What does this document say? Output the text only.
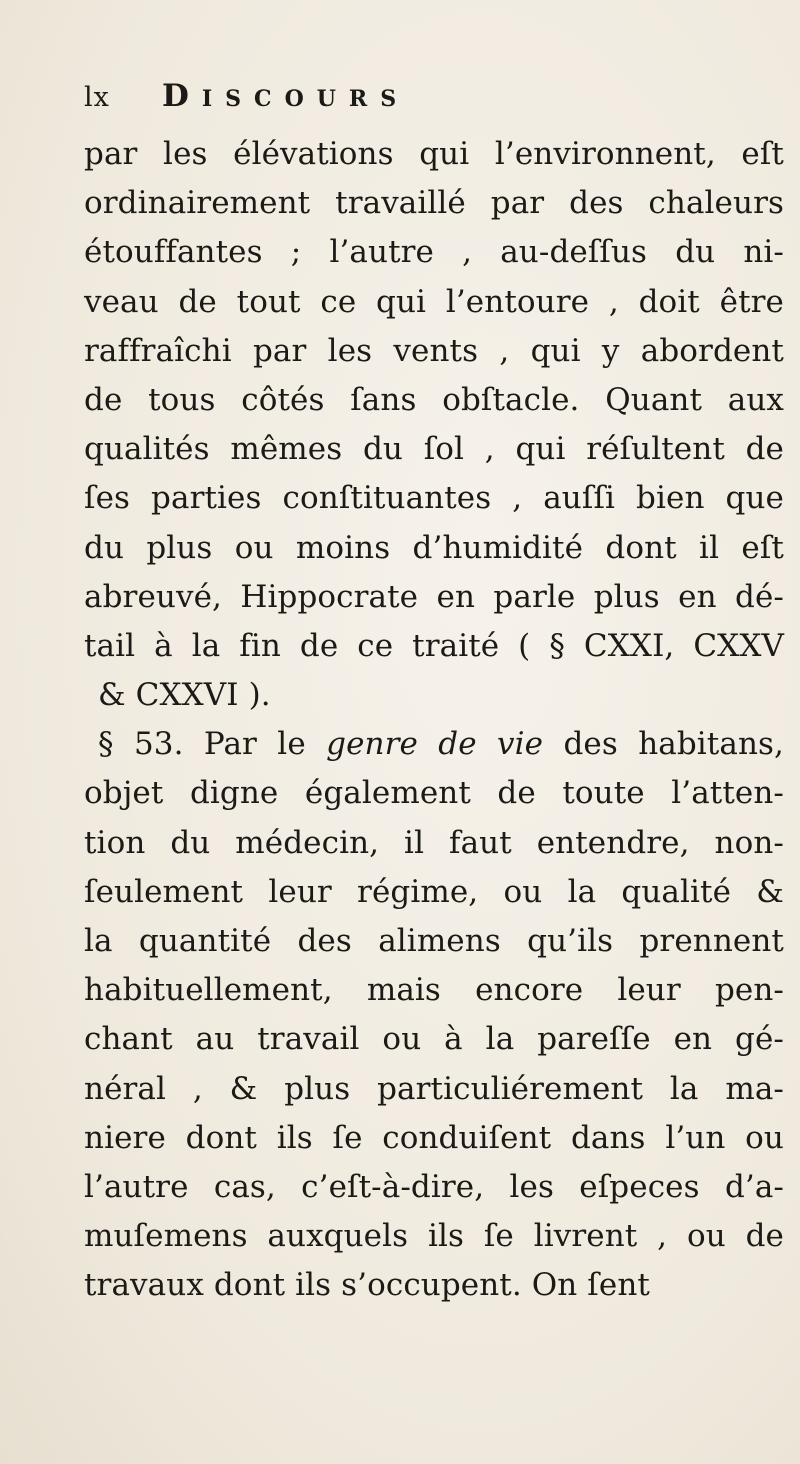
lx	Discours
par les élévations qui l’environnent, eſt
ordinairement travaillé par des chaleurs
étouffantes ; l’autre , au-deſſus du ni-
veau de tout ce qui l’entoure , doit être
raffraîchi par les vents , qui y abordent
de tous côtés ſans obſtacle. Quant aux
qualités mêmes du ſol , qui réſultent de
ſes parties conſtituantes , auſſi bien que
du plus ou moins d’humidité dont il eſt
abreuvé, Hippocrate en parle plus en dé-
tail à la fin de ce traité ( § CXXI, CXXV
& CXXVI ).
§ 53. Par le genre de vie des habitans,
objet digne également de toute l’atten-
tion du médecin, il faut entendre, non-
ſeulement leur régime, ou la qualité &
la quantité des alimens qu’ils prennent
habituellement, mais encore leur pen-
chant au travail ou à la pareſſe en gé-
néral , & plus particuliérement la ma-
niere dont ils ſe conduiſent dans l’un ou
l’autre cas, c’eſt-à-dire, les eſpeces d’a-
muſemens auxquels ils ſe livrent , ou de
travaux dont ils s’occupent. On ſent
